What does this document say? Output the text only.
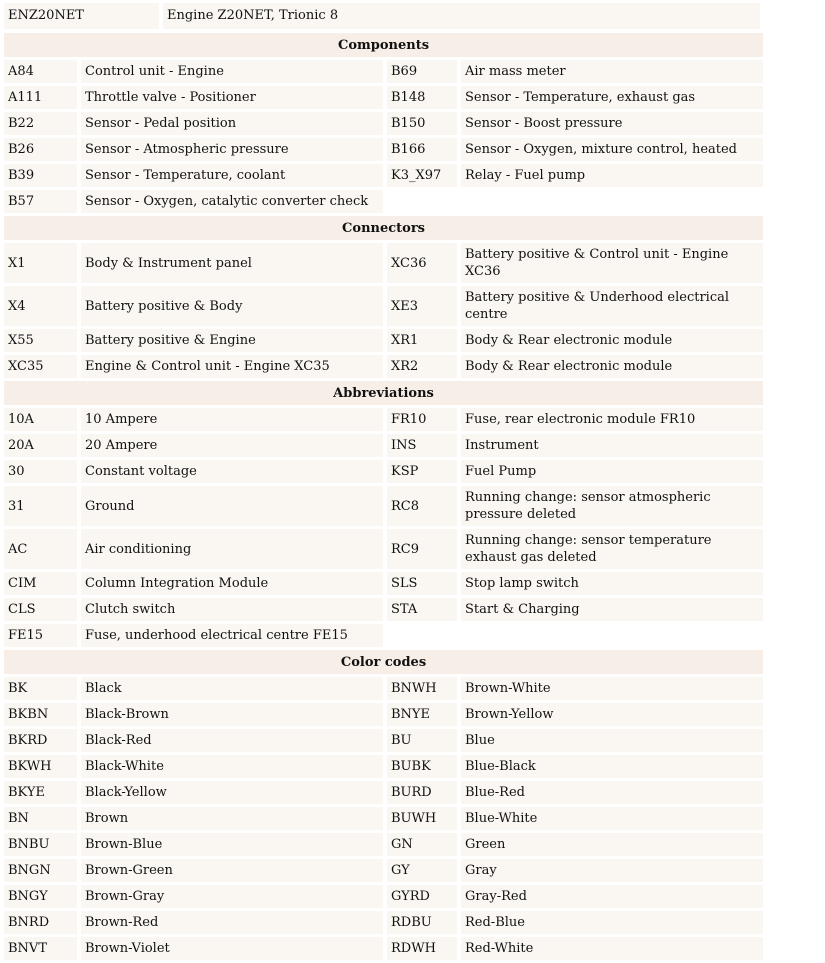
ENZ20NET	Engine Z20NET, Trionic 8
Components						
A84		Control unit - Engine		B69		Air mass meter
A111		Throttle valve - Positioner		B148		Sensor - Temperature, exhaust gas
B22		Sensor - Pedal position		B150		Sensor - Boost pressure
B26		Sensor - Atmospheric pressure		B166		Sensor - Oxygen, mixture control, heated
B39		Sensor - Temperature, coolant		K3_X97		Relay - Fuel pump
B57		Sensor - Oxygen, catalytic converter check				
Connectors						
X1		Body & Instrument panel		XC36		Battery positive & Control unit - Engine XC36
X4		Battery positive & Body		XE3		Battery positive & Underhood electrical centre
X55		Battery positive & Engine		XR1		Body & Rear electronic module
XC35		Engine & Control unit - Engine XC35		XR2		Body & Rear electronic module
Abbreviations						
10A		10 Ampere		FR10		Fuse, rear electronic module FR10
20A		20 Ampere		INS		Instrument
30		Constant voltage		KSP		Fuel Pump
31		Ground		RC8		Running change: sensor atmospheric pressure deleted
AC		Air conditioning		RC9		Running change: sensor temperature exhaust gas deleted
CIM		Column Integration Module		SLS		Stop lamp switch
CLS		Clutch switch		STA		Start & Charging
FE15		Fuse, underhood electrical centre FE15				
Color codes						
BK		Black		BNWH		Brown-White
BKBN		Black-Brown		BNYE		Brown-Yellow
BKRD		Black-Red		BU		Blue
BKWH		Black-White		BUBK		Blue-Black
BKYE		Black-Yellow		BURD		Blue-Red
BN		Brown		BUWH		Blue-White
BNBU		Brown-Blue		GN		Green
BNGN		Brown-Green		GY		Gray
BNGY		Brown-Gray		GYRD		Gray-Red
BNRD		Brown-Red		RDBU		Red-Blue
BNVT		Brown-Violet		RDWH		Red-White
